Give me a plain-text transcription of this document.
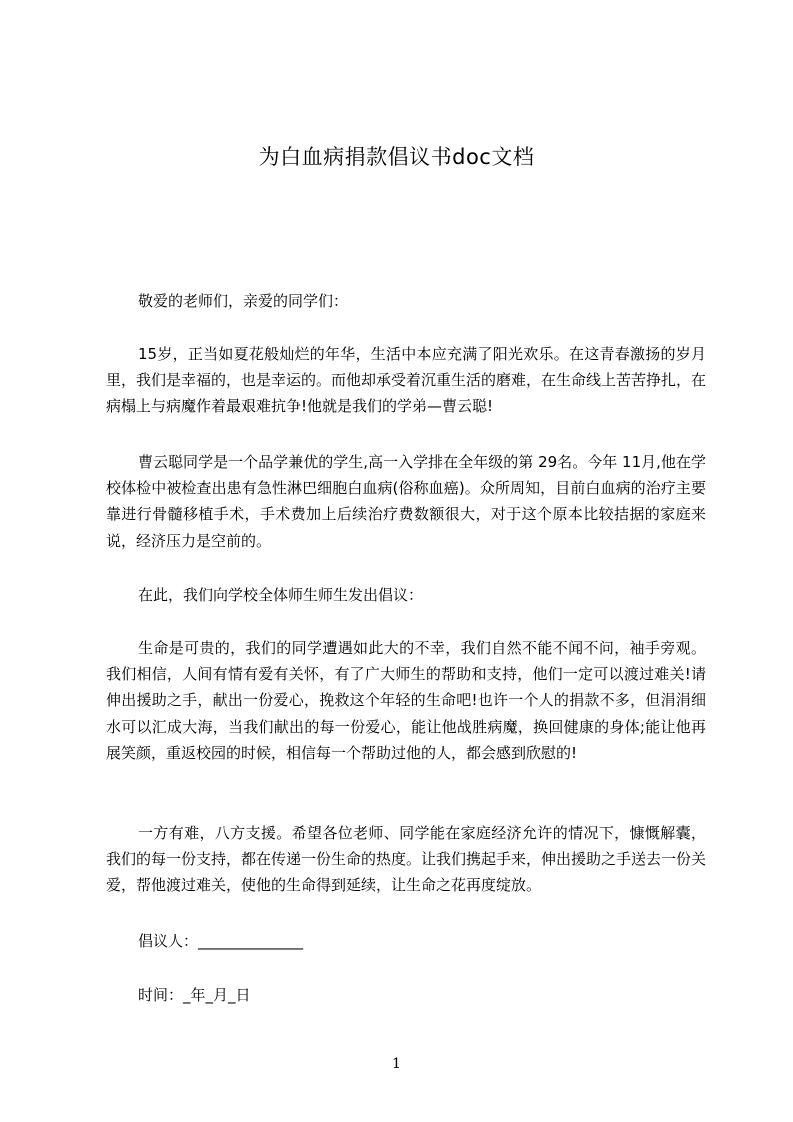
为白血病捐款倡议书doc文档

敬爱的老师们，亲爱的同学们：

15岁，正当如夏花般灿烂的年华，生活中本应充满了阳光欢乐。在这青春激扬的岁月里，我们是幸福的，也是幸运的。而他却承受着沉重生活的磨难，在生命线上苦苦挣扎，在病榻上与病魔作着最艰难抗争!他就是我们的学弟—曹云聪!

曹云聪同学是一个品学兼优的学生,高一入学排在全年级的第 29名。今年 11月,他在学校体检中被检查出患有急性淋巴细胞白血病(俗称血癌)。众所周知，目前白血病的治疗主要靠进行骨髓移植手术，手术费加上后续治疗费数额很大，对于这个原本比较拮据的家庭来说，经济压力是空前的。

在此，我们向学校全体师生师生发出倡议：

生命是可贵的，我们的同学遭遇如此大的不幸，我们自然不能不闻不问，袖手旁观。我们相信，人间有情有爱有关怀，有了广大师生的帮助和支持，他们一定可以渡过难关!请伸出援助之手，献出一份爱心，挽救这个年轻的生命吧!也许一个人的捐款不多，但涓涓细水可以汇成大海，当我们献出的每一份爱心，能让他战胜病魔，换回健康的身体;能让他再展笑颜，重返校园的时候，相信每一个帮助过他的人，都会感到欣慰的!

一方有难，八方支援。希望各位老师、同学能在家庭经济允许的情况下，慷慨解囊，我们的每一份支持，都在传递一份生命的热度。让我们携起手来，伸出援助之手送去一份关爱，帮他渡过难关，使他的生命得到延续，让生命之花再度绽放。

倡议人：______________

时间：_年_月_日

1
